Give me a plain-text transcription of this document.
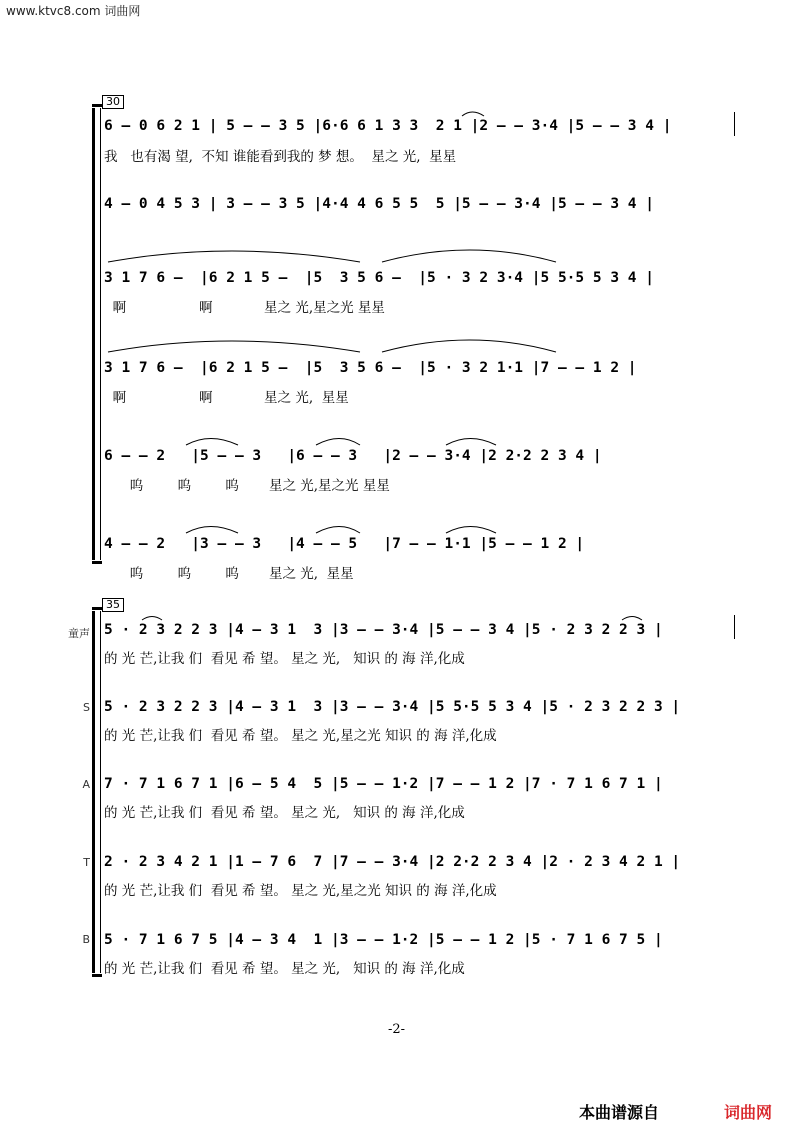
www.ktvc8.com 词曲网
30
6 – 0 6 2 1 | 5 – – 3 5 |6·6 6 1 3 3  2 1 |2 – – 3·4 |5 – – 3 4 |
我   也有渴 望,  不知 谁能看到我的 梦 想。  星之 光,  星星
4 – 0 4 5 3 | 3 – – 3 5 |4·4 4 6 5 5  5 |5 – – 3·4 |5 – – 3 4 |
3 1 7 6 –  |6 2 1 5 –  |5  3 5 6 –  |5 · 3 2 3·4 |5 5·5 5 3 4 |
啊                 啊            星之 光,星之光 星星
3 1 7 6 –  |6 2 1 5 –  |5  3 5 6 –  |5 · 3 2 1·1 |7 – – 1 2 |
啊                 啊            星之 光,  星星
6 – – 2   |5 – – 3   |6 – – 3   |2 – – 3·4 |2 2·2 2 3 4 |
呜        呜        呜       星之 光,星之光 星星
4 – – 2   |3 – – 3   |4 – – 5   |7 – – 1·1 |5 – – 1 2 |
呜        呜        呜       星之 光,  星星
35
童声 5 · 2 3 2 2 3 |4 – 3 1  3 |3 – – 3·4 |5 – – 3 4 |5 · 2 3 2 2 3 |
的 光 芒,让我 们  看见 希 望。 星之 光,   知识 的 海 洋,化成
S 5 · 2 3 2 2 3 |4 – 3 1  3 |3 – – 3·4 |5 5·5 5 3 4 |5 · 2 3 2 2 3 |
的 光 芒,让我 们  看见 希 望。 星之 光,星之光 知识 的 海 洋,化成
A 7 · 7 1 6 7 1 |6 – 5 4  5 |5 – – 1·2 |7 – – 1 2 |7 · 7 1 6 7 1 |
的 光 芒,让我 们  看见 希 望。 星之 光,   知识 的 海 洋,化成
T 2 · 2 3 4 2 1 |1 – 7 6  7 |7 – – 3·4 |2 2·2 2 3 4 |2 · 2 3 4 2 1 |
的 光 芒,让我 们  看见 希 望。 星之 光,星之光 知识 的 海 洋,化成
B 5 · 7 1 6 7 5 |4 – 3 4  1 |3 – – 1·2 |5 – – 1 2 |5 · 7 1 6 7 5 |
的 光 芒,让我 们  看见 希 望。 星之 光,   知识 的 海 洋,化成
-2-
本曲谱源自	词曲网
